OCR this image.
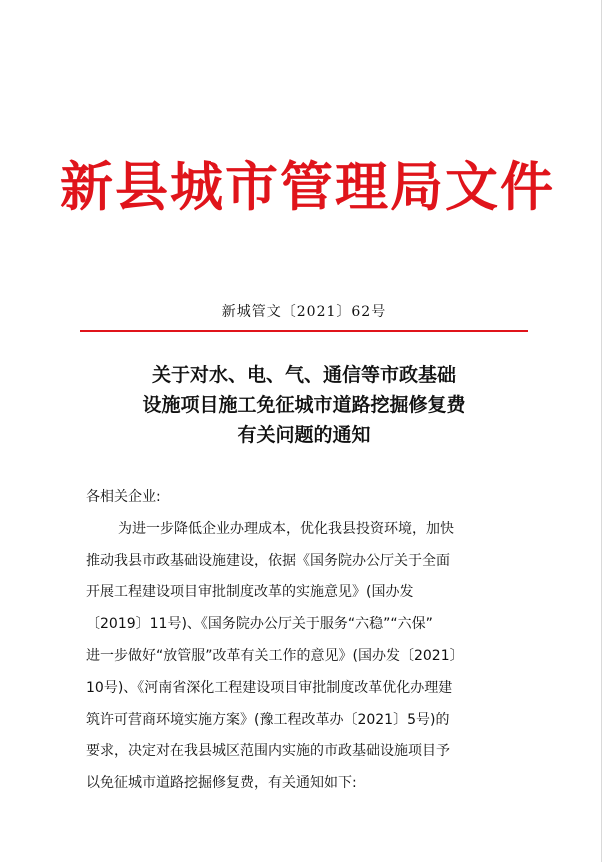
新县城市管理局文件
新城管文〔2021〕62号
关于对水、电、气、通信等市政基础
设施项目施工免征城市道路挖掘修复费
有关问题的通知

各相关企业:

为进一步降低企业办理成本，优化我县投资环境，加快

推动我县市政基础设施建设，依据《国务院办公厅关于全面

开展工程建设项目审批制度改革的实施意见》(国办发

〔2019〕11号)、《国务院办公厅关于服务“六稳”“六保”

进一步做好“放管服”改革有关工作的意见》(国办发〔2021〕

10号)、《河南省深化工程建设项目审批制度改革优化办理建

筑许可营商环境实施方案》(豫工程改革办〔2021〕5号)的

要求，决定对在我县城区范围内实施的市政基础设施项目予

以免征城市道路挖掘修复费，有关通知如下:
